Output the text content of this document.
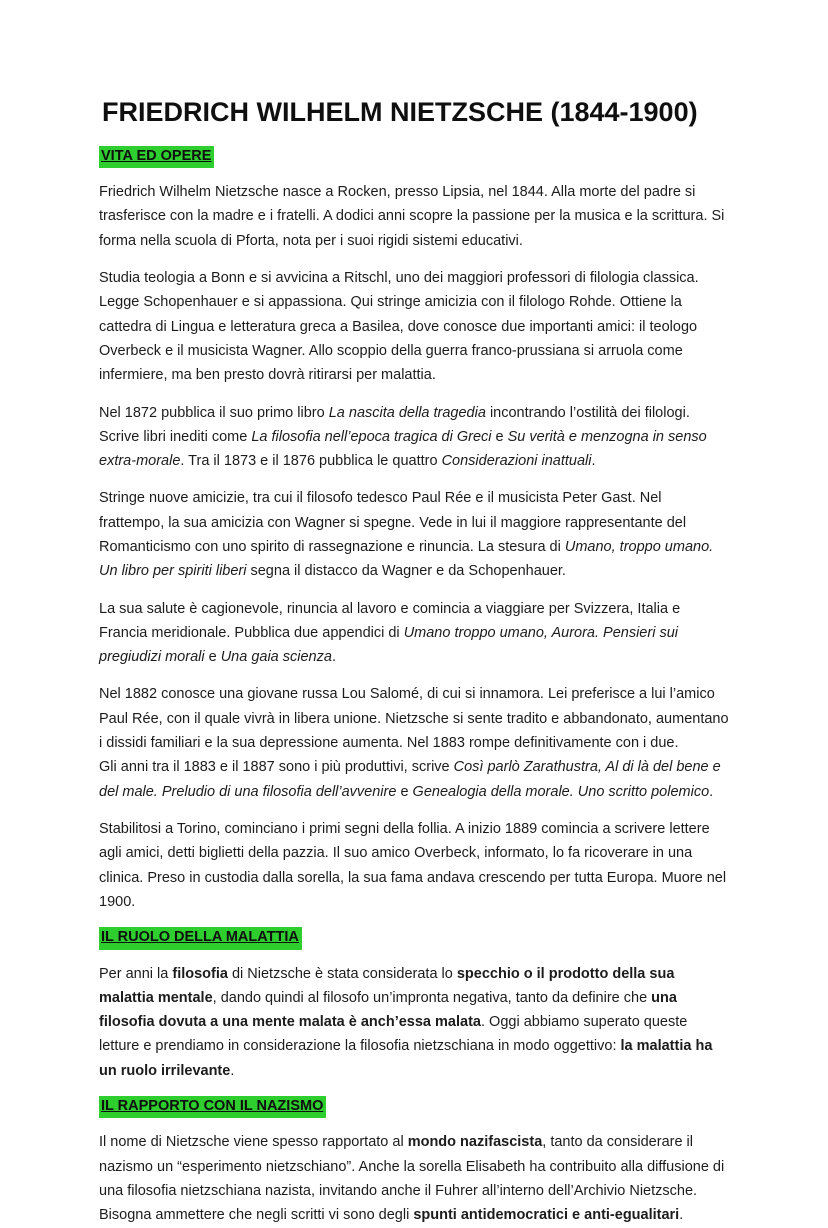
FRIEDRICH WILHELM NIETZSCHE (1844-1900)
VITA ED OPERE

Friedrich Wilhelm Nietzsche nasce a Rocken, presso Lipsia, nel 1844. Alla morte del padre si trasferisce con la madre e i fratelli. A dodici anni scopre la passione per la musica e la scrittura. Si forma nella scuola di Pforta, nota per i suoi rigidi sistemi educativi.

Studia teologia a Bonn e si avvicina a Ritschl, uno dei maggiori professori di filologia classica. Legge Schopenhauer e si appassiona. Qui stringe amicizia con il filologo Rohde. Ottiene la cattedra di Lingua e letteratura greca a Basilea, dove conosce due importanti amici: il teologo Overbeck e il musicista Wagner. Allo scoppio della guerra franco-prussiana si arruola come infermiere, ma ben presto dovrà ritirarsi per malattia.

Nel 1872 pubblica il suo primo libro La nascita della tragedia incontrando l’ostilità dei filologi. Scrive libri inediti come La filosofia nell’epoca tragica di Greci e Su verità e menzogna in senso extra-morale. Tra il 1873 e il 1876 pubblica le quattro Considerazioni inattuali.

Stringe nuove amicizie, tra cui il filosofo tedesco Paul Rée e il musicista Peter Gast. Nel frattempo, la sua amicizia con Wagner si spegne. Vede in lui il maggiore rappresentante del Romanticismo con uno spirito di rassegnazione e rinuncia. La stesura di Umano, troppo umano. Un libro per spiriti liberi segna il distacco da Wagner e da Schopenhauer.

La sua salute è cagionevole, rinuncia al lavoro e comincia a viaggiare per Svizzera, Italia e Francia meridionale. Pubblica due appendici di Umano troppo umano, Aurora. Pensieri sui pregiudizi morali e Una gaia scienza.

Nel 1882 conosce una giovane russa Lou Salomé, di cui si innamora. Lei preferisce a lui l’amico Paul Rée, con il quale vivrà in libera unione. Nietzsche si sente tradito e abbandonato, aumentano i dissidi familiari e la sua depressione aumenta. Nel 1883 rompe definitivamente con i due.
Gli anni tra il 1883 e il 1887 sono i più produttivi, scrive Così parlò Zarathustra, Al di là del bene e del male. Preludio di una filosofia dell’avvenire e Genealogia della morale. Uno scritto polemico.

Stabilitosi a Torino, cominciano i primi segni della follia. A inizio 1889 comincia a scrivere lettere agli amici, detti biglietti della pazzia. Il suo amico Overbeck, informato, lo fa ricoverare in una clinica. Preso in custodia dalla sorella, la sua fama andava crescendo per tutta Europa. Muore nel 1900.

IL RUOLO DELLA MALATTIA

Per anni la filosofia di Nietzsche è stata considerata lo specchio o il prodotto della sua malattia mentale, dando quindi al filosofo un’impronta negativa, tanto da definire che una filosofia dovuta a una mente malata è anch’essa malata. Oggi abbiamo superato queste letture e prendiamo in considerazione la filosofia nietzschiana in modo oggettivo: la malattia ha un ruolo irrilevante.

IL RAPPORTO CON IL NAZISMO

Il nome di Nietzsche viene spesso rapportato al mondo nazifascista, tanto da considerare il nazismo un “esperimento nietzschiano”. Anche la sorella Elisabeth ha contribuito alla diffusione di una filosofia nietzschiana nazista, invitando anche il Fuhrer all’interno dell’Archivio Nietzsche. Bisogna ammettere che negli scritti vi sono degli spunti antidemocratici e anti-egualitari.
